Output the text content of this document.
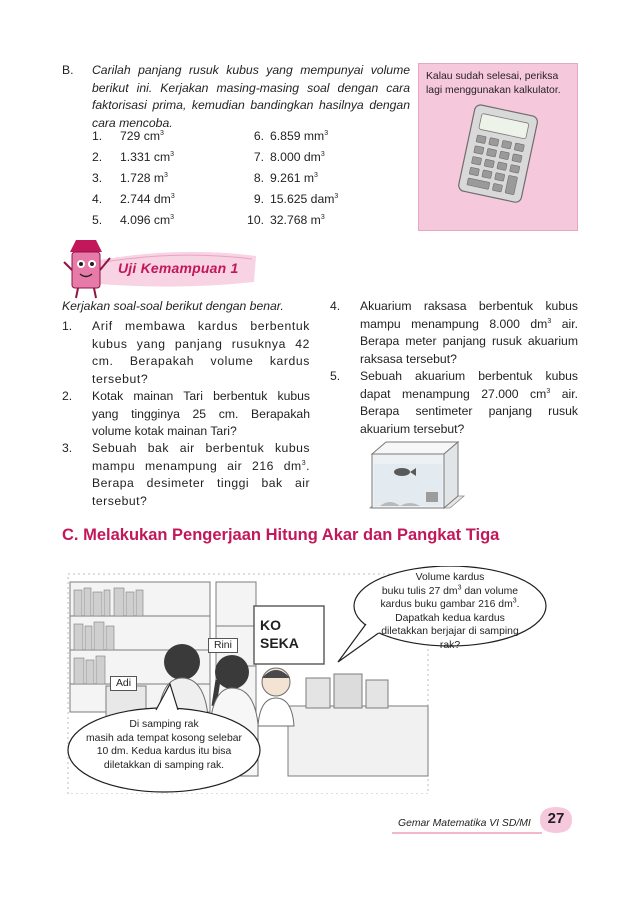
B. Carilah panjang rusuk kubus yang mempunyai volume berikut ini. Kerjakan masing-masing soal dengan cara faktorisasi prima, kemudian bandingkan hasilnya dengan cara mencoba.
1. 729 $cm^3$
2. 1.331 $cm^3$
3. 1.728 $m^3$
4. 2.744 $dm^3$
5. 4.096 $cm^3$
6. 6.859 $mm^3$
7. 8.000 $dm^3$
8. 9.261 $m^3$
9. 15.625 dam$^3$
10. 32.768 $m^3$
Kalau sudah selesai, periksa lagi menggunakan kalkulator.
Uji Kemampuan 1
Kerjakan soal-soal berikut dengan benar.
1. Arif membawa kardus berbentuk kubus yang panjang rusuknya 42 cm. Berapakah volume kardus tersebut?
2. Kotak mainan Tari berbentuk kubus yang tingginya 25 cm. Berapakah volume kotak mainan Tari?
3. Sebuah bak air berbentuk kubus mampu menampung air 216 $dm^3$. Berapa desimeter tinggi bak air tersebut?
4. Akuarium raksasa berbentuk kubus mampu menampung 8.000 $dm^3$ air. Berapa meter panjang rusuk akuarium raksasa tersebut?
5. Sebuah akuarium berbentuk kubus dapat menampung 27.000 $cm^3$ air. Berapa sentimeter panjang rusuk akuarium tersebut?
C. Melakukan Pengerjaan Hitung Akar dan Pangkat Tiga
KO
SEKA
Volume kardus
buku tulis 27 $dm^3$ dan volume
kardus buku gambar 216 $dm^3$.
Dapatkah kedua kardus
diletakkan berjajar di samping
rak?
Di samping rak
masih ada tempat kosong selebar
10 dm. Kedua kardus itu bisa
diletakkan di samping rak.
Rini
Adi
Gemar Matematika VI SD/MI	27
